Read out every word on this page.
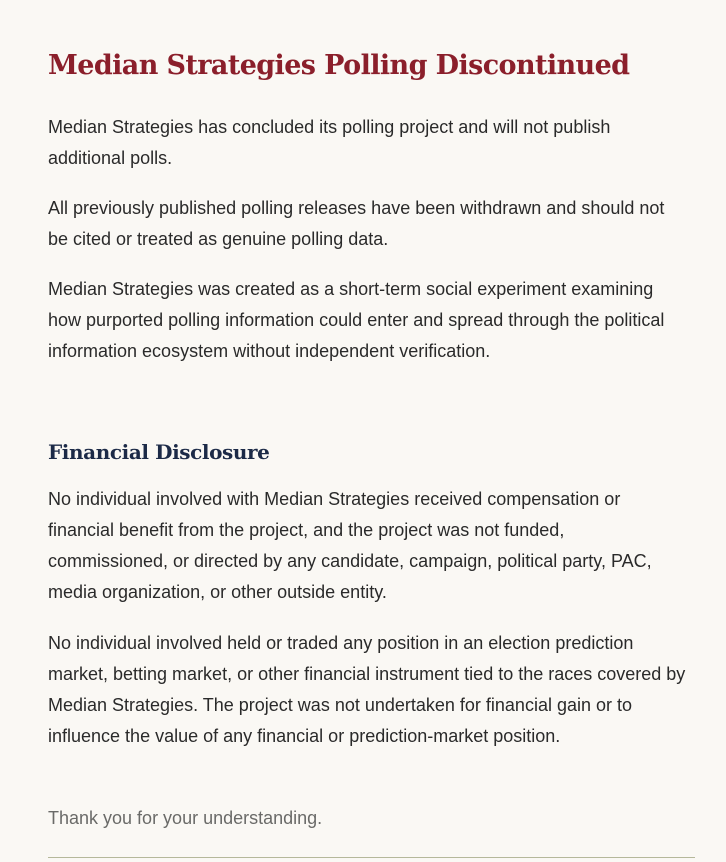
Median Strategies Polling Discontinued

Median Strategies has concluded its polling project and will not publish additional polls.

All previously published polling releases have been withdrawn and should not be cited or treated as genuine polling data.

Median Strategies was created as a short-term social experiment examining how purported polling information could enter and spread through the political information ecosystem without independent verification.

Financial Disclosure

No individual involved with Median Strategies received compensation or financial benefit from the project, and the project was not funded, commissioned, or directed by any candidate, campaign, political party, PAC, media organization, or other outside entity.

No individual involved held or traded any position in an election prediction market, betting market, or other financial instrument tied to the races covered by Median Strategies. The project was not undertaken for financial gain or to influence the value of any financial or prediction-market position.

Thank you for your understanding.
